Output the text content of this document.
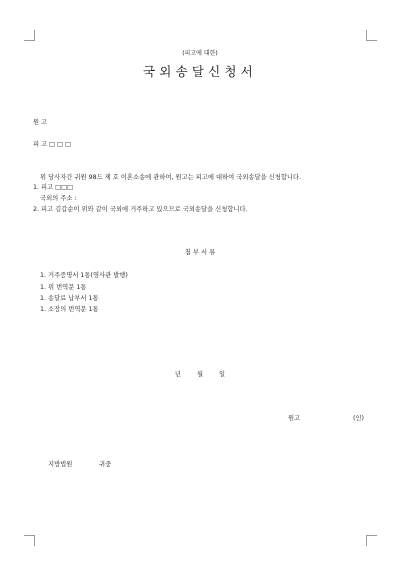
(피고에 대한)
국외송달신청서
원 고
피 고 □ □ □
위 당사자간 귀원 98드 제 호 이혼소송에 관하여, 원고는 피고에 대하여 국외송달을 신청합니다.
1. 피고 □□□
국외의 주소 :
2. 피고 김갑순이 위와 같이 국외에 거주하고 있으므로 국외송달을 신청합니다.
첨 부 서 류
1. 거주증명서 1통(영사관 발행)
1. 위 번역문 1통
1. 송달료 납부서 1통
1. 소장의 번역문 1통
년 월 일
원고	(인)
지방법원	귀중
